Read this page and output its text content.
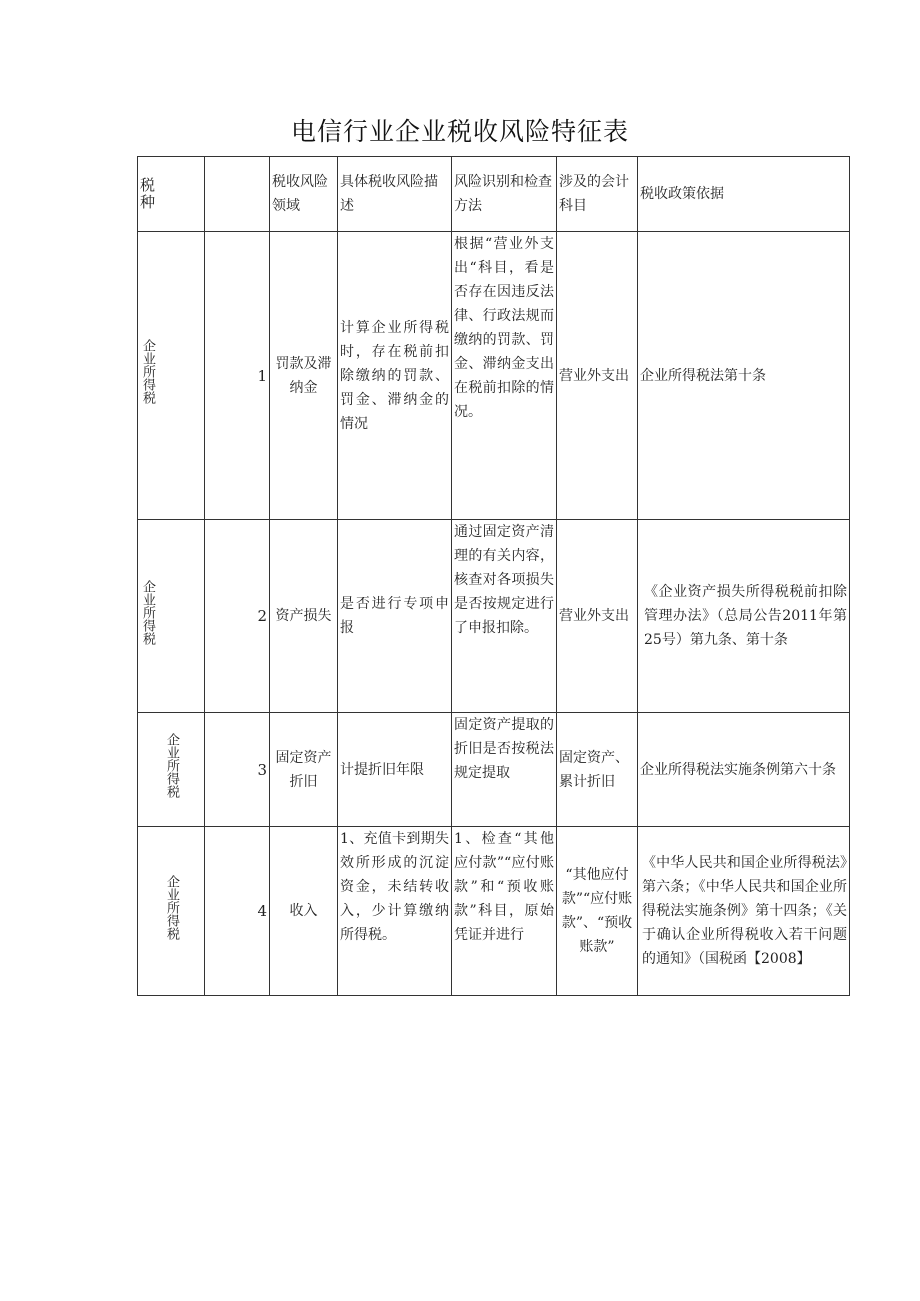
电信行业企业税收风险特征表
税种		税收风险领域	具体税收风险描述	风险识别和检查方法	涉及的会计科目	税收政策依据
企业所得税	1	罚款及滞纳金	计算企业所得税时，存在税前扣除缴纳的罚款、罚金、滞纳金的情况	根据“营业外支出“科目，看是否存在因违反法律、行政法规而缴纳的罚款、罚金、滞纳金支出在税前扣除的情况。	营业外支出	企业所得税法第十条
企业所得税	2	资产损失	是否进行专项申报	通过固定资产清理的有关内容，核查对各项损失是否按规定进行了申报扣除。	营业外支出	《企业资产损失所得税税前扣除管理办法》（总局公告2011年第25号）第九条、第十条
企业所得税	3	固定资产折旧	计提折旧年限	固定资产提取的折旧是否按税法规定提取	固定资产、累计折旧	企业所得税法实施条例第六十条
企业所得税	4	收入	1、充值卡到期失效所形成的沉淀资金，未结转收入，少计算缴纳所得税。	1、检查“其他应付款”“应付账款”和“预收账款”科目，原始凭证并进行	“其他应付款”“应付账款”、“预收账款”	《中华人民共和国企业所得税法》第六条；《中华人民共和国企业所得税法实施条例》第十四条；《关于确认企业所得税收入若干问题的通知》（国税函【2008】
